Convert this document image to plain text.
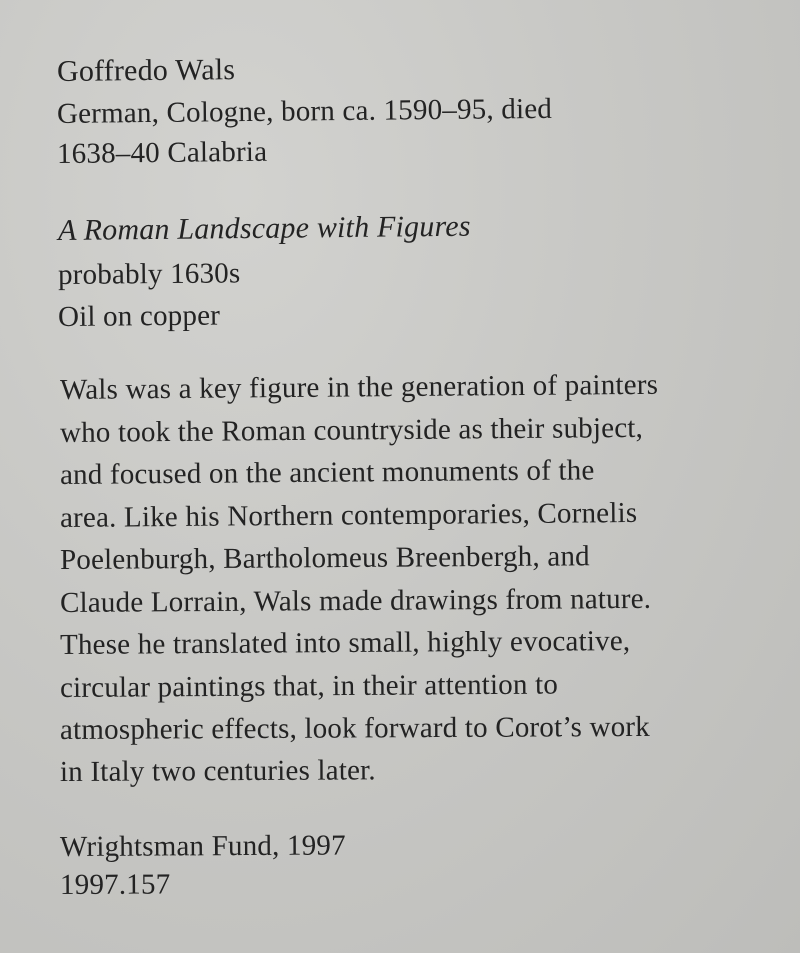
Goffredo Wals
German, Cologne, born ca. 1590–95, died
1638–40 Calabria
A Roman Landscape with Figures
probably 1630s
Oil on copper
Wals was a key figure in the generation of painters
who took the Roman countryside as their subject,
and focused on the ancient monuments of the
area. Like his Northern contemporaries, Cornelis
Poelenburgh, Bartholomeus Breenbergh, and
Claude Lorrain, Wals made drawings from nature.
These he translated into small, highly evocative,
circular paintings that, in their attention to
atmospheric effects, look forward to Corot’s work
in Italy two centuries later.
Wrightsman Fund, 1997
1997.157
